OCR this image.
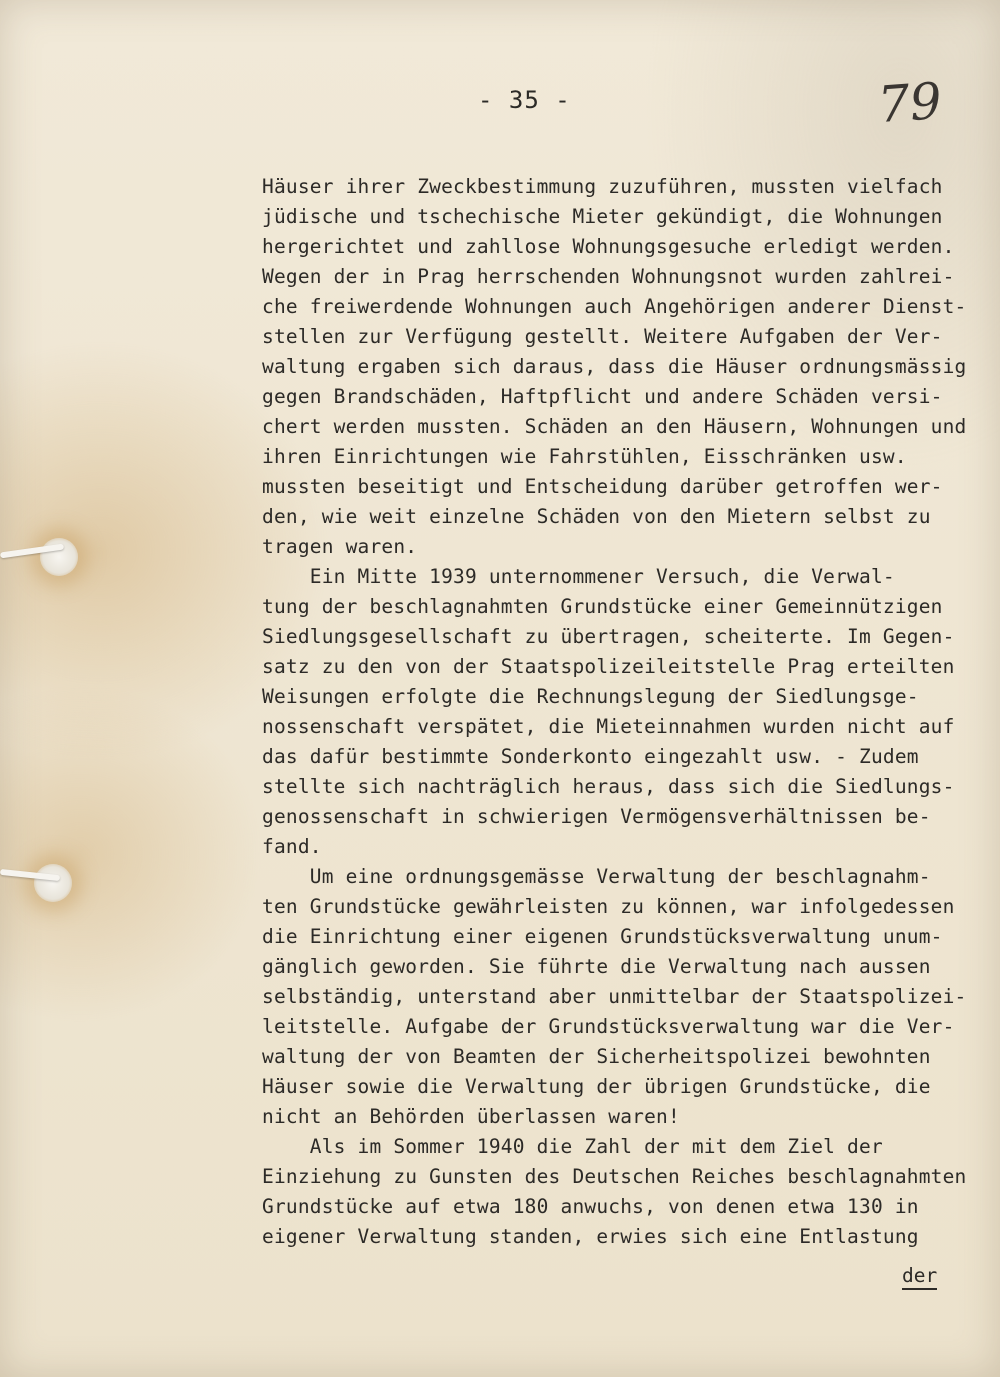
- 35 -	79
Häuser ihrer Zweckbestimmung zuzuführen, mussten vielfach
jüdische und tschechische Mieter gekündigt, die Wohnungen
hergerichtet und zahllose Wohnungsgesuche erledigt werden.
Wegen der in Prag herrschenden Wohnungsnot wurden zahlrei-
che freiwerdende Wohnungen auch Angehörigen anderer Dienst-
stellen zur Verfügung gestellt. Weitere Aufgaben der Ver-
waltung ergaben sich daraus, dass die Häuser ordnungsmässig
gegen Brandschäden, Haftpflicht und andere Schäden versi-
chert werden mussten. Schäden an den Häusern, Wohnungen und
ihren Einrichtungen wie Fahrstühlen, Eisschränken usw.
mussten beseitigt und Entscheidung darüber getroffen wer-
den, wie weit einzelne Schäden von den Mietern selbst zu
tragen waren.
Ein Mitte 1939 unternommener Versuch, die Verwal-
tung der beschlagnahmten Grundstücke einer Gemeinnützigen
Siedlungsgesellschaft zu übertragen, scheiterte. Im Gegen-
satz zu den von der Staatspolizeileitstelle Prag erteilten
Weisungen erfolgte die Rechnungslegung der Siedlungsge-
nossenschaft verspätet, die Mieteinnahmen wurden nicht auf
das dafür bestimmte Sonderkonto eingezahlt usw. - Zudem
stellte sich nachträglich heraus, dass sich die Siedlungs-
genossenschaft in schwierigen Vermögensverhältnissen be-
fand.
Um eine ordnungsgemässe Verwaltung der beschlagnahm-
ten Grundstücke gewährleisten zu können, war infolgedessen
die Einrichtung einer eigenen Grundstücksverwaltung unum-
gänglich geworden. Sie führte die Verwaltung nach aussen
selbständig, unterstand aber unmittelbar der Staatspolizei-
leitstelle. Aufgabe der Grundstücksverwaltung war die Ver-
waltung der von Beamten der Sicherheitspolizei bewohnten
Häuser sowie die Verwaltung der übrigen Grundstücke, die
nicht an Behörden überlassen waren!
Als im Sommer 1940 die Zahl der mit dem Ziel der
Einziehung zu Gunsten des Deutschen Reiches beschlagnahmten
Grundstücke auf etwa 180 anwuchs, von denen etwa 130 in
eigener Verwaltung standen, erwies sich eine Entlastung
der
